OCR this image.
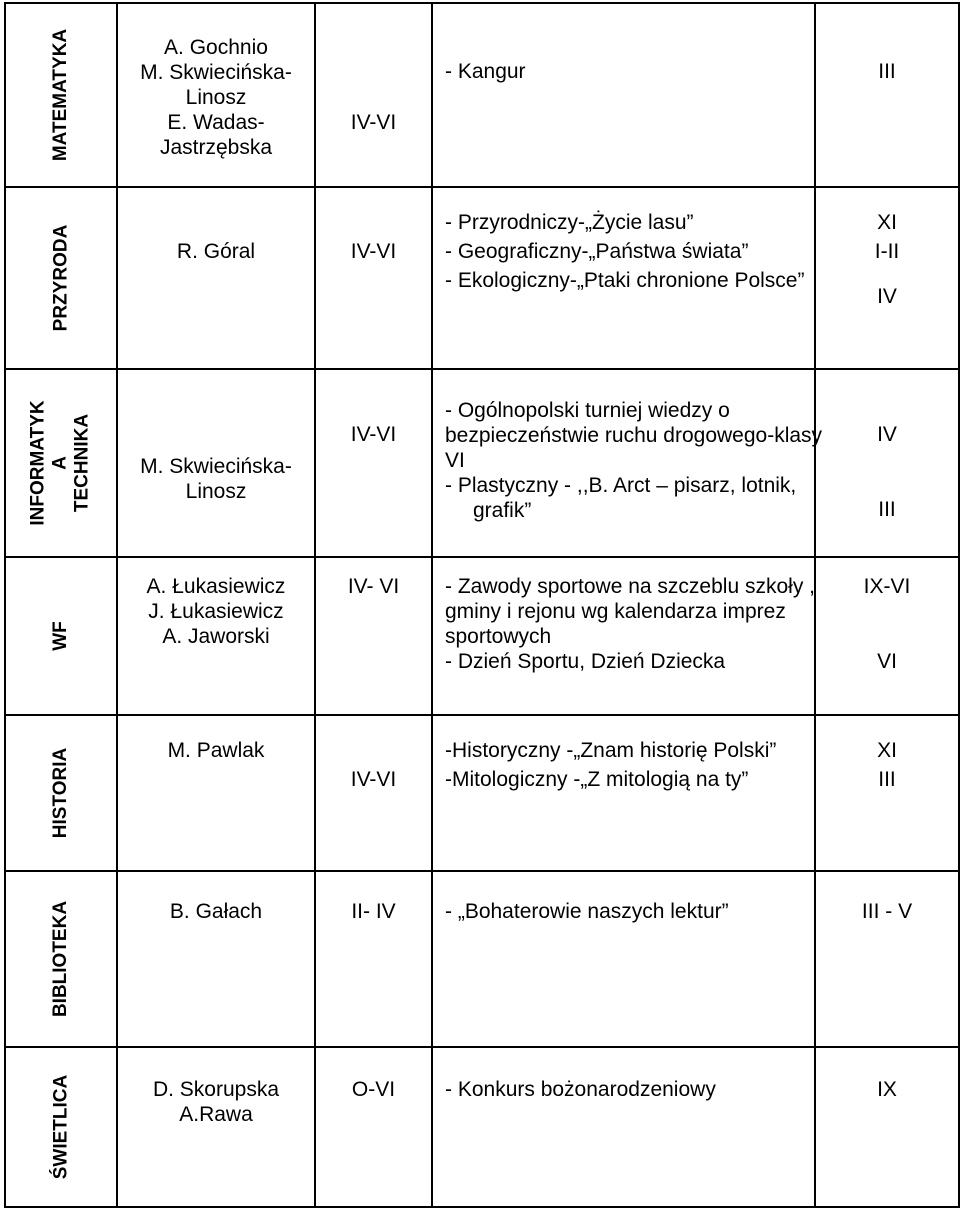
MATEMATYKA	A. Gochnio
M. Skwiecińska-
Linosz
E. Wadas-
Jastrzębska	IV-VI	- Kangur	III

PRZYRODA	R. Góral	IV-VI	- Przyrodniczy-„Życie lasu”
- Geograficzny-„Państwa świata”
- Ekologiczny-„Ptaki chronione Polsce”	XI
I-II
IV

INFORMATYK A TECHNIKA	M. Skwiecińska-
Linosz	IV-VI	- Ogólnopolski turniej wiedzy o
bezpieczeństwie ruchu drogowego-klasy
VI
- Plastyczny - ,,B. Arct – pisarz, lotnik,
grafik”	IV
III

WF	A. Łukasiewicz
J. Łukasiewicz
A. Jaworski	IV- VI	- Zawody sportowe na szczeblu szkoły ,
gminy i rejonu wg kalendarza imprez
sportowych
- Dzień Sportu, Dzień Dziecka	IX-VI
VI

HISTORIA	M. Pawlak	IV-VI	-Historyczny -„Znam historię Polski”
-Mitologiczny -„Z mitologią na ty”	XI
III

BIBLIOTEKA	B. Gałach	II- IV	- „Bohaterowie naszych lektur”	III - V

ŚWIETLICA	D. Skorupska
A.Rawa	O-VI	- Konkurs bożonarodzeniowy	IX
